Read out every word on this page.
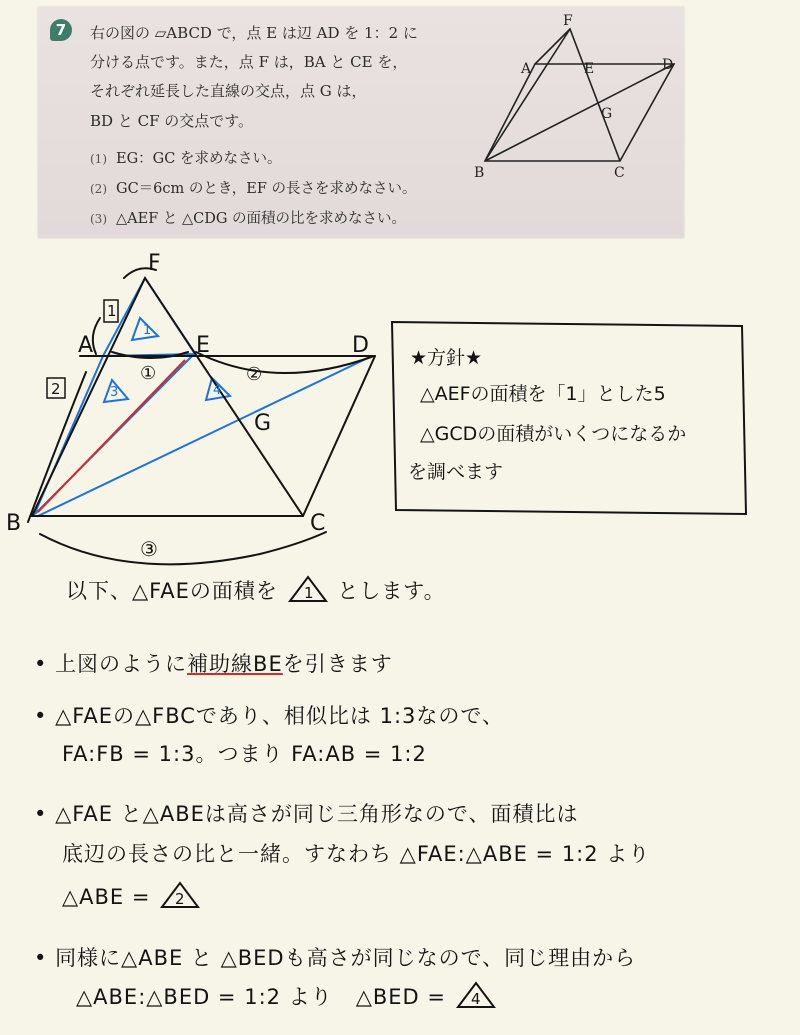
7	右の図の ▱ABCD で，点 E は辺 AD を 1：2 に
分ける点です。また，点 F は，BA と CE を，
それぞれ延長した直線の交点，点 G は，
BD と CF の交点です。
(1) EG：GC を求めなさい。
(2) GC＝6cm のとき，EF の長さを求めなさい。
(3) △AEF と △CDG の面積の比を求めなさい。
F
A	E	D
G
B	C
F
A	E	D
G
B	C
1
2
①	②
③
1
3	4
★方針★
△AEFの面積を「1」とした5
△GCDの面積がいくつになるか
を調べます
以下、△FAEの面積を 1 とします。
• 上図のように補助線BEを引きます
• △FAEの△FBCであり、相似比は 1:3なので、
FA:FB = 1:3。つまり FA:AB = 1:2
• △FAE と△ABEは高さが同じ三角形なので、面積比は
底辺の長さの比と一緒。すなわち △FAE:△ABE = 1:2 より
△ABE = 2
• 同様に△ABE と △BEDも高さが同じなので、同じ理由から
△ABE:△BED = 1:2 より △BED = 4
